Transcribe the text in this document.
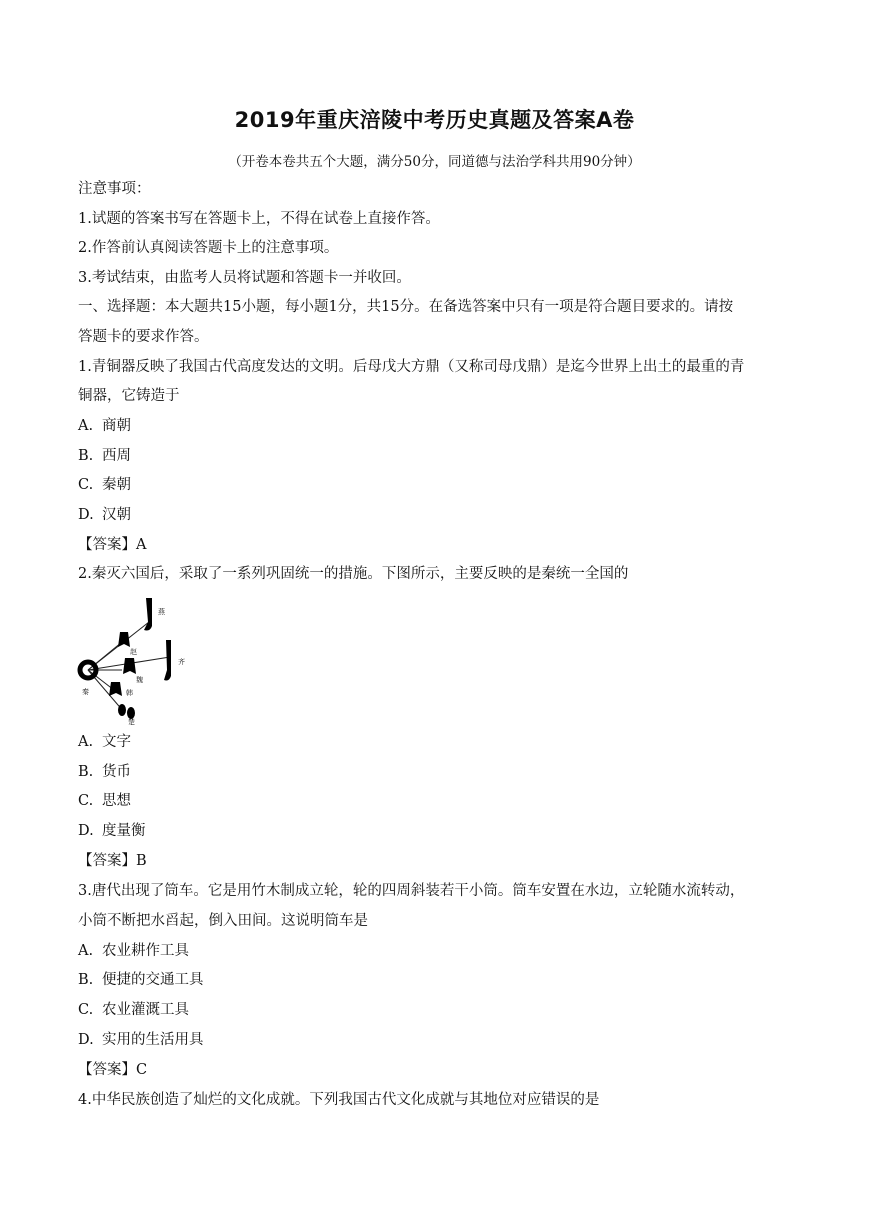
2019年重庆涪陵中考历史真题及答案A卷
（开卷本卷共五个大题，满分50分，同道德与法治学科共用90分钟）
注意事项：
1.试题的答案书写在答题卡上，不得在试卷上直接作答。
2.作答前认真阅读答题卡上的注意事项。
3.考试结束，由监考人员将试题和答题卡一并收回。
一、选择题：本大题共15小题，每小题1分，共15分。在备选答案中只有一项是符合题目要求的。请按
答题卡的要求作答。
1.青铜器反映了我国古代高度发达的文明。后母戊大方鼎（又称司母戊鼎）是迄今世界上出土的最重的青
铜器，它铸造于
A. 商朝
B. 西周
C. 秦朝
D. 汉朝
【答案】A
2.秦灭六国后，采取了一系列巩固统一的措施。下图所示，主要反映的是秦统一全国的
燕
赵
齐
魏
秦	韩
楚
A. 文字
B. 货币
C. 思想
D. 度量衡
【答案】B
3.唐代出现了筒车。它是用竹木制成立轮，轮的四周斜装若干小筒。筒车安置在水边，立轮随水流转动，
小筒不断把水舀起，倒入田间。这说明筒车是
A. 农业耕作工具
B. 便捷的交通工具
C. 农业灌溉工具
D. 实用的生活用具
【答案】C
4.中华民族创造了灿烂的文化成就。下列我国古代文化成就与其地位对应错误的是
